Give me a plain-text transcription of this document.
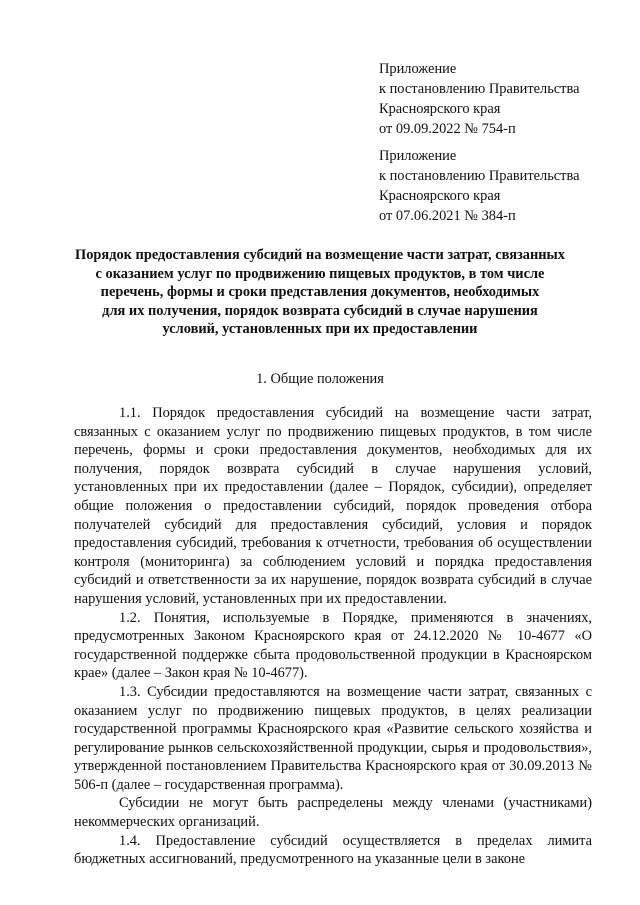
Приложение
к постановлению Правительства
Красноярского края
от 09.09.2022 № 754-п
Приложение
к постановлению Правительства
Красноярского края
от 07.06.2021 № 384-п
Порядок предоставления субсидий на возмещение части затрат, связанных
с оказанием услуг по продвижению пищевых продуктов, в том числе
перечень, формы и сроки представления документов, необходимых
для их получения, порядок возврата субсидий в случае нарушения
условий, установленных при их предоставлении
1. Общие положения

1.1. Порядок предоставления субсидий на возмещение части затрат, связанных с оказанием услуг по продвижению пищевых продуктов, в том числе перечень, формы и сроки предоставления документов, необходимых для их получения, порядок возврата субсидий в случае нарушения условий, установленных при их предоставлении (далее – Порядок, субсидии), определяет общие положения о предоставлении субсидий, порядок проведения отбора получателей субсидий для предоставления субсидий, условия и порядок предоставления субсидий, требования к отчетности, требования об осуществлении контроля (мониторинга) за соблюдением условий и порядка предоставления субсидий и ответственности за их нарушение, порядок возврата субсидий в случае нарушения условий, установленных при их предоставлении.

1.2. Понятия, используемые в Порядке, применяются в значениях, предусмотренных Законом Красноярского края от 24.12.2020 № 10-4677 «О государственной поддержке сбыта продовольственной продукции в Красноярском крае» (далее – Закон края № 10-4677).

1.3. Субсидии предоставляются на возмещение части затрат, связанных с оказанием услуг по продвижению пищевых продуктов, в целях реализации государственной программы Красноярского края «Развитие сельского хозяйства и регулирование рынков сельскохозяйственной продукции, сырья и продовольствия», утвержденной постановлением Правительства Красноярского края от 30.09.2013 № 506-п (далее – государственная программа).

Субсидии не могут быть распределены между членами (участниками) некоммерческих организаций.

1.4. Предоставление субсидий осуществляется в пределах лимита бюджетных ассигнований, предусмотренного на указанные цели в законе
